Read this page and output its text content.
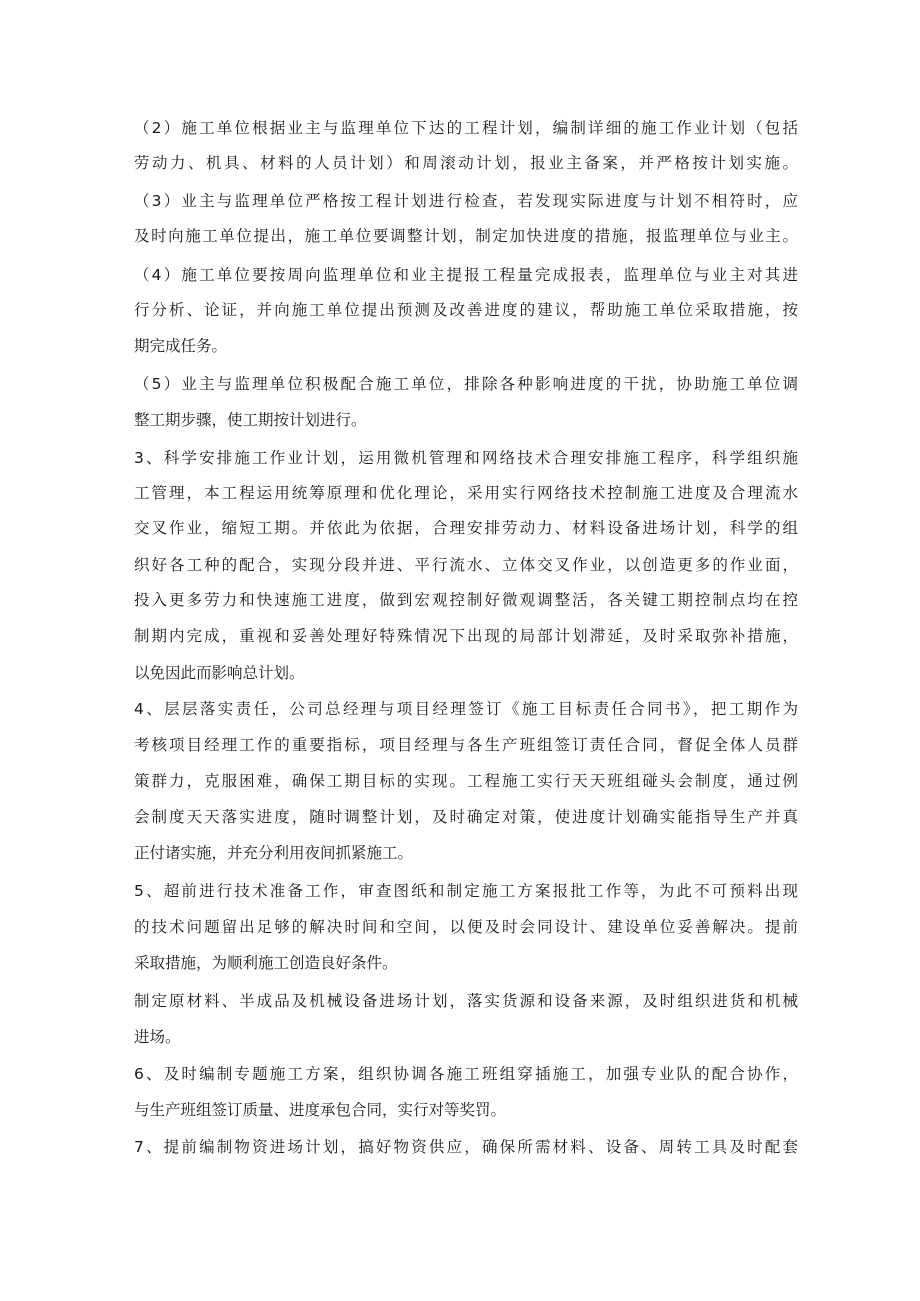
（2）施工单位根据业主与监理单位下达的工程计划，编制详细的施工作业计划（包括
劳动力、机具、材料的人员计划）和周滚动计划，报业主备案，并严格按计划实施。
（3）业主与监理单位严格按工程计划进行检查，若发现实际进度与计划不相符时，应
及时向施工单位提出，施工单位要调整计划，制定加快进度的措施，报监理单位与业主。
（4）施工单位要按周向监理单位和业主提报工程量完成报表，监理单位与业主对其进
行分析、论证，并向施工单位提出预测及改善进度的建议，帮助施工单位采取措施，按
期完成任务。
（5）业主与监理单位积极配合施工单位，排除各种影响进度的干扰，协助施工单位调
整工期步骤，使工期按计划进行。
3、科学安排施工作业计划，运用微机管理和网络技术合理安排施工程序，科学组织施
工管理，本工程运用统筹原理和优化理论，采用实行网络技术控制施工进度及合理流水
交叉作业，缩短工期。并依此为依据，合理安排劳动力、材料设备进场计划，科学的组
织好各工种的配合，实现分段并进、平行流水、立体交叉作业，以创造更多的作业面，
投入更多劳力和快速施工进度，做到宏观控制好微观调整活，各关键工期控制点均在控
制期内完成，重视和妥善处理好特殊情况下出现的局部计划滞延，及时采取弥补措施，
以免因此而影响总计划。
4、层层落实责任，公司总经理与项目经理签订《施工目标责任合同书》，把工期作为
考核项目经理工作的重要指标，项目经理与各生产班组签订责任合同，督促全体人员群
策群力，克服困难，确保工期目标的实现。工程施工实行天天班组碰头会制度，通过例
会制度天天落实进度，随时调整计划，及时确定对策，使进度计划确实能指导生产并真
正付诸实施，并充分利用夜间抓紧施工。
5、超前进行技术准备工作，审查图纸和制定施工方案报批工作等，为此不可预料出现
的技术问题留出足够的解决时间和空间，以便及时会同设计、建设单位妥善解决。提前
采取措施，为顺利施工创造良好条件。
制定原材料、半成品及机械设备进场计划，落实货源和设备来源，及时组织进货和机械
进场。
6、及时编制专题施工方案，组织协调各施工班组穿插施工，加强专业队的配合协作，
与生产班组签订质量、进度承包合同，实行对等奖罚。
7、提前编制物资进场计划，搞好物资供应，确保所需材料、设备、周转工具及时配套
